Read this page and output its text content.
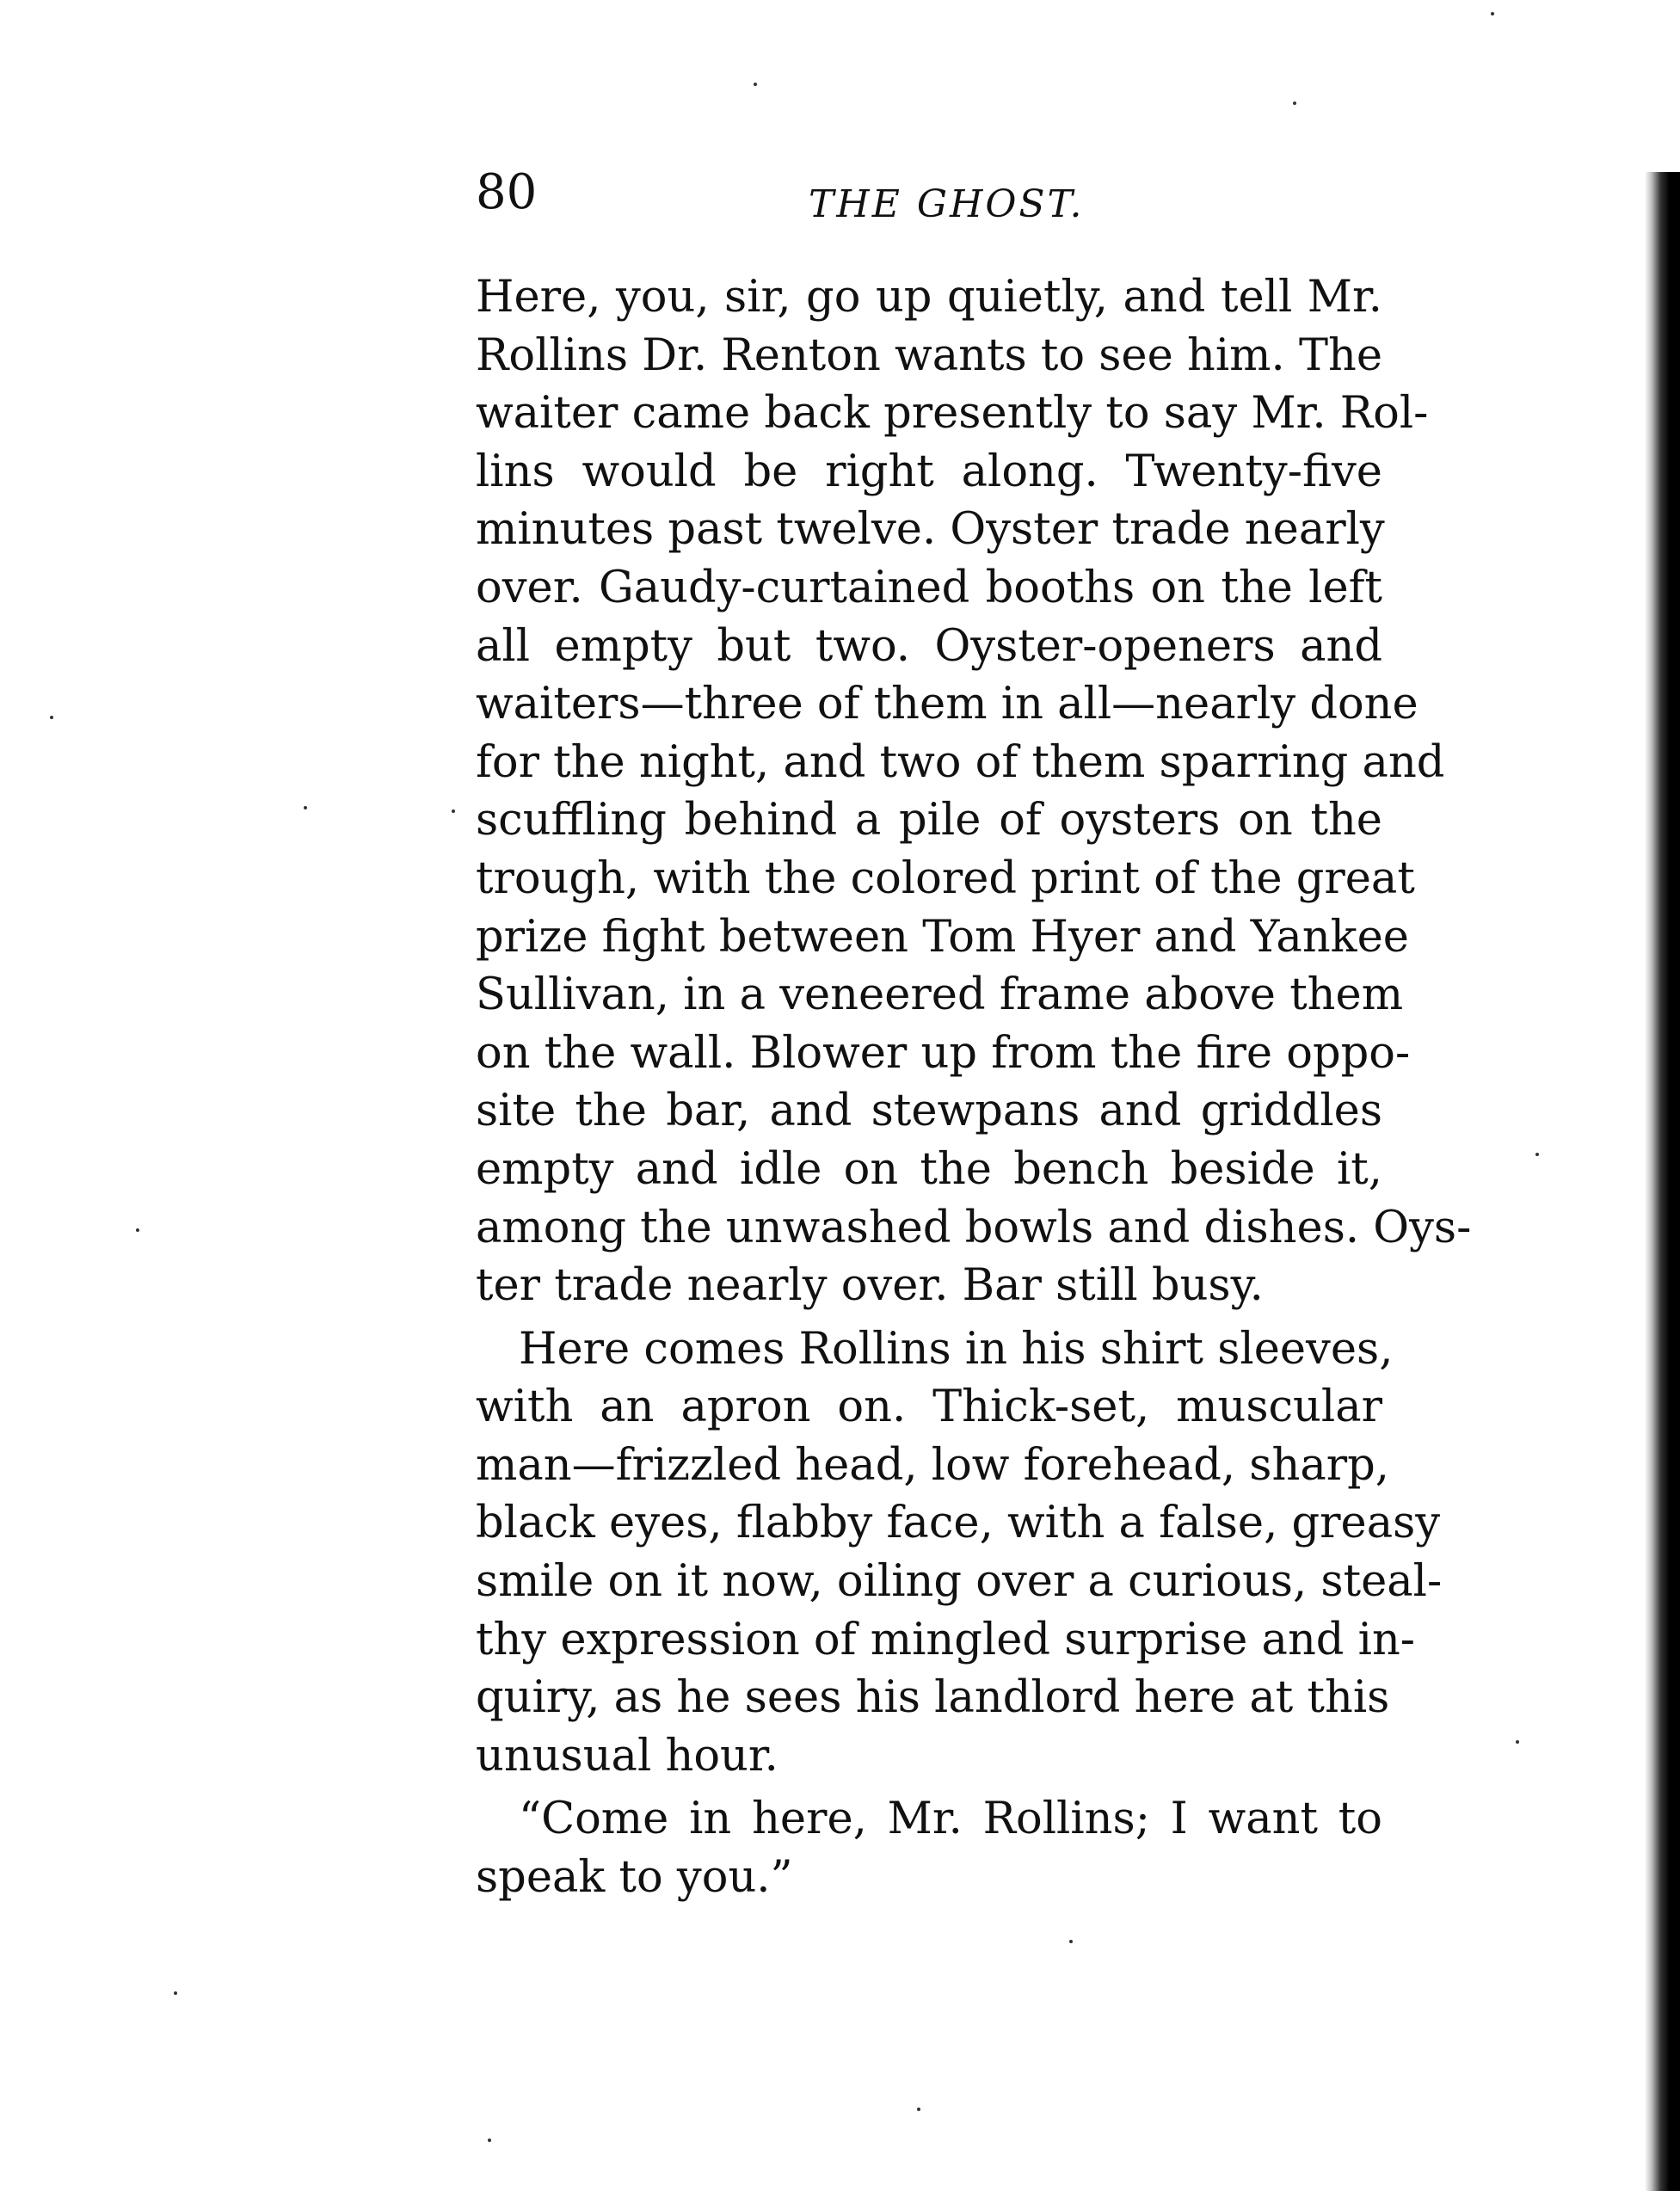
80	THE GHOST.
Here, you, sir, go up quietly, and tell Mr.
Rollins Dr. Renton wants to see him. The
waiter came back presently to say Mr. Rol-
lins would be right along. Twenty-five
minutes past twelve. Oyster trade nearly
over. Gaudy-curtained booths on the left
all empty but two. Oyster-openers and
waiters—three of them in all—nearly done
for the night, and two of them sparring and
scuffling behind a pile of oysters on the
trough, with the colored print of the great
prize fight between Tom Hyer and Yankee
Sullivan, in a veneered frame above them
on the wall. Blower up from the fire oppo-
site the bar, and stewpans and griddles
empty and idle on the bench beside it,
among the unwashed bowls and dishes. Oys-
ter trade nearly over. Bar still busy.
Here comes Rollins in his shirt sleeves,
with an apron on. Thick-set, muscular
man—frizzled head, low forehead, sharp,
black eyes, flabby face, with a false, greasy
smile on it now, oiling over a curious, steal-
thy expression of mingled surprise and in-
quiry, as he sees his landlord here at this
unusual hour.
“Come in here, Mr. Rollins; I want to
speak to you.”
